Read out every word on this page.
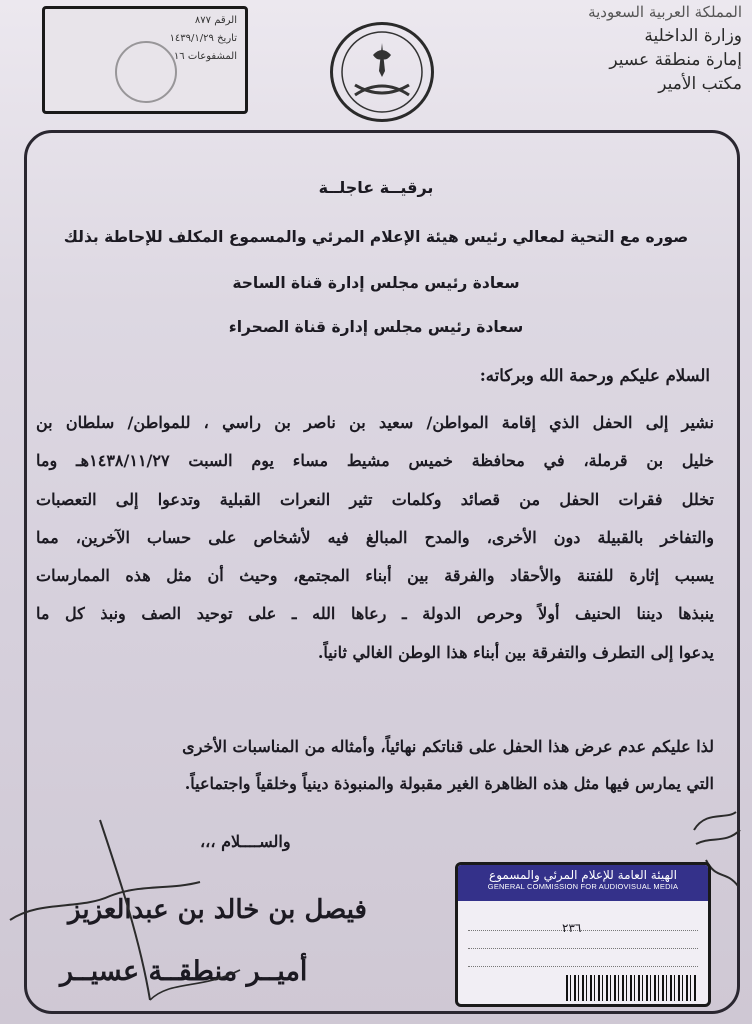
الرقم ٨٧٧
تاريخ ١٤٣٩/١/٢٩
المشفوعات ١٦
المملكة العربية السعودية
وزارة الداخلية
إمارة منطقة عسير
مكتب الأمير
برقيــة عاجلــة
صوره مع التحية لمعالي رئيس هيئة الإعلام المرئي والمسموع المكلف للإحاطة بذلك
سعادة رئيس مجلس إدارة قناة الساحة
سعادة رئيس مجلس إدارة قناة الصحراء
السلام عليكم ورحمة الله وبركاته:
نشير إلى الحفل الذي إقامة المواطن/ سعيد بن ناصر بن راسي ، للمواطن/ سلطان بن
خليل بن قرملة، في محافظة خميس مشيط مساء يوم السبت ١٤٣٨/١١/٢٧هـ وما
تخلل فقرات الحفل من قصائد وكلمات تثير النعرات القبلية وتدعوا إلى التعصبات
والتفاخر بالقبيلة دون الأخرى، والمدح المبالغ فيه لأشخاص على حساب الآخرين، مما
يسبب إثارة للفتنة والأحقاد والفرقة بين أبناء المجتمع، وحيث أن مثل هذه الممارسات
ينبذها ديننا الحنيف أولاً وحرص الدولة ـ رعاها الله ـ على توحيد الصف ونبذ كل ما
يدعوا إلى التطرف والتفرقة بين أبناء هذا الوطن الغالي ثانياً.
لذا عليكم عدم عرض هذا الحفل على قناتكم نهائياً، وأمثاله من المناسبات الأخرى
التي يمارس فيها مثل هذه الظاهرة الغير مقبولة والمنبوذة دينياً وخلقياً واجتماعياً.
والســــلام ،،،
فيصل بن خالد بن عبدالعزيز
أميــر منطقــة عسيــر
الهيئة العامة للإعلام المرئي والمسموع
GENERAL COMMISSION FOR AUDIOVISUAL MEDIA
٢٣٦
